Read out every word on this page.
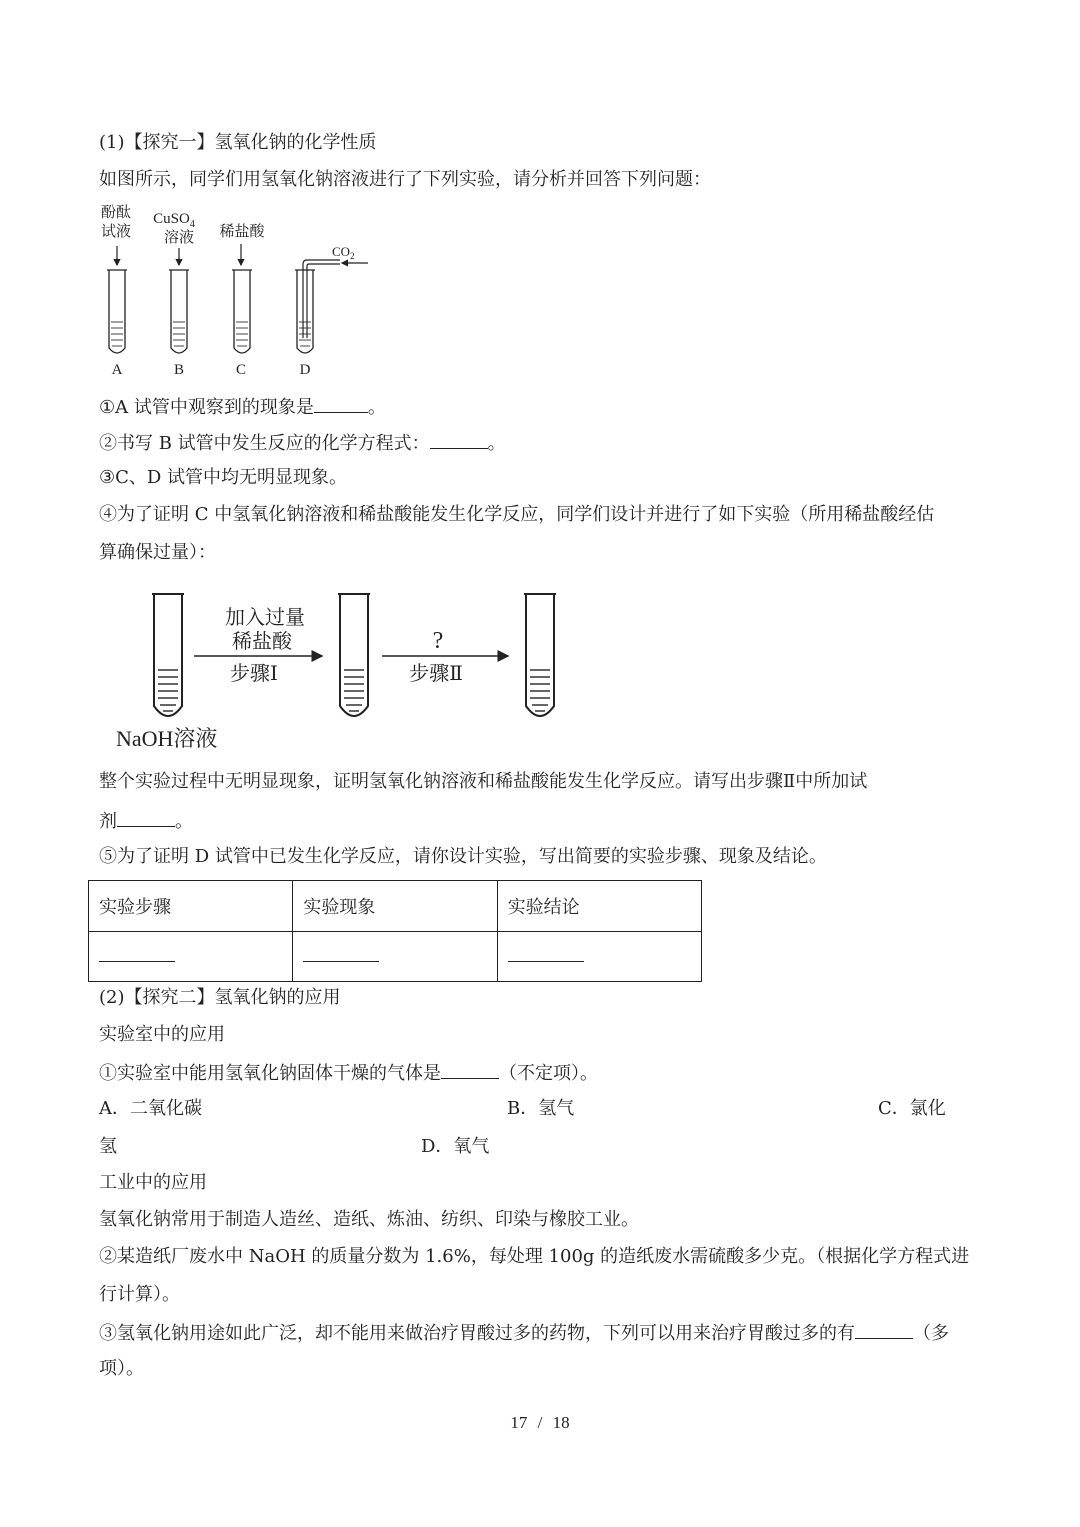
(1)【探究一】氢氧化钠的化学性质
如图所示，同学们用氢氧化钠溶液进行了下列实验，请分析并回答下列问题：
酚酞
试液
CuSO$_4$
溶液 稀盐酸
$CO_2$
A	B	C	D
①A 试管中观察到的现象是	。
②书写 B 试管中发生反应的化学方程式：	。
③C、D 试管中均无明显现象。
④为了证明 C 中氢氧化钠溶液和稀盐酸能发生化学反应，同学们设计并进行了如下实验（所用稀盐酸经估
算确保过量）：
加入过量
稀盐酸
步骤Ⅰ
?
步骤Ⅱ
NaOH溶液
整个实验过程中无明显现象，证明氢氧化钠溶液和稀盐酸能发生化学反应。请写出步骤Ⅱ中所加试
剂	。
⑤为了证明 D 试管中已发生化学反应，请你设计实验，写出简要的实验步骤、现象及结论。
实验步骤	实验现象	实验结论

(2)【探究二】氢氧化钠的应用
实验室中的应用
①实验室中能用氢氧化钠固体干燥的气体是	（不定项）。
A．二氧化碳	B．氢气	C．氯化
氢	D．氧气
工业中的应用
氢氧化钠常用于制造人造丝、造纸、炼油、纺织、印染与橡胶工业。
②某造纸厂废水中 NaOH 的质量分数为 1.6%，每处理 100g 的造纸废水需硫酸多少克。（根据化学方程式进
行计算）。
③氢氧化钠用途如此广泛，却不能用来做治疗胃酸过多的药物，下列可以用来治疗胃酸过多的有	（多
项）。
17 / 18
